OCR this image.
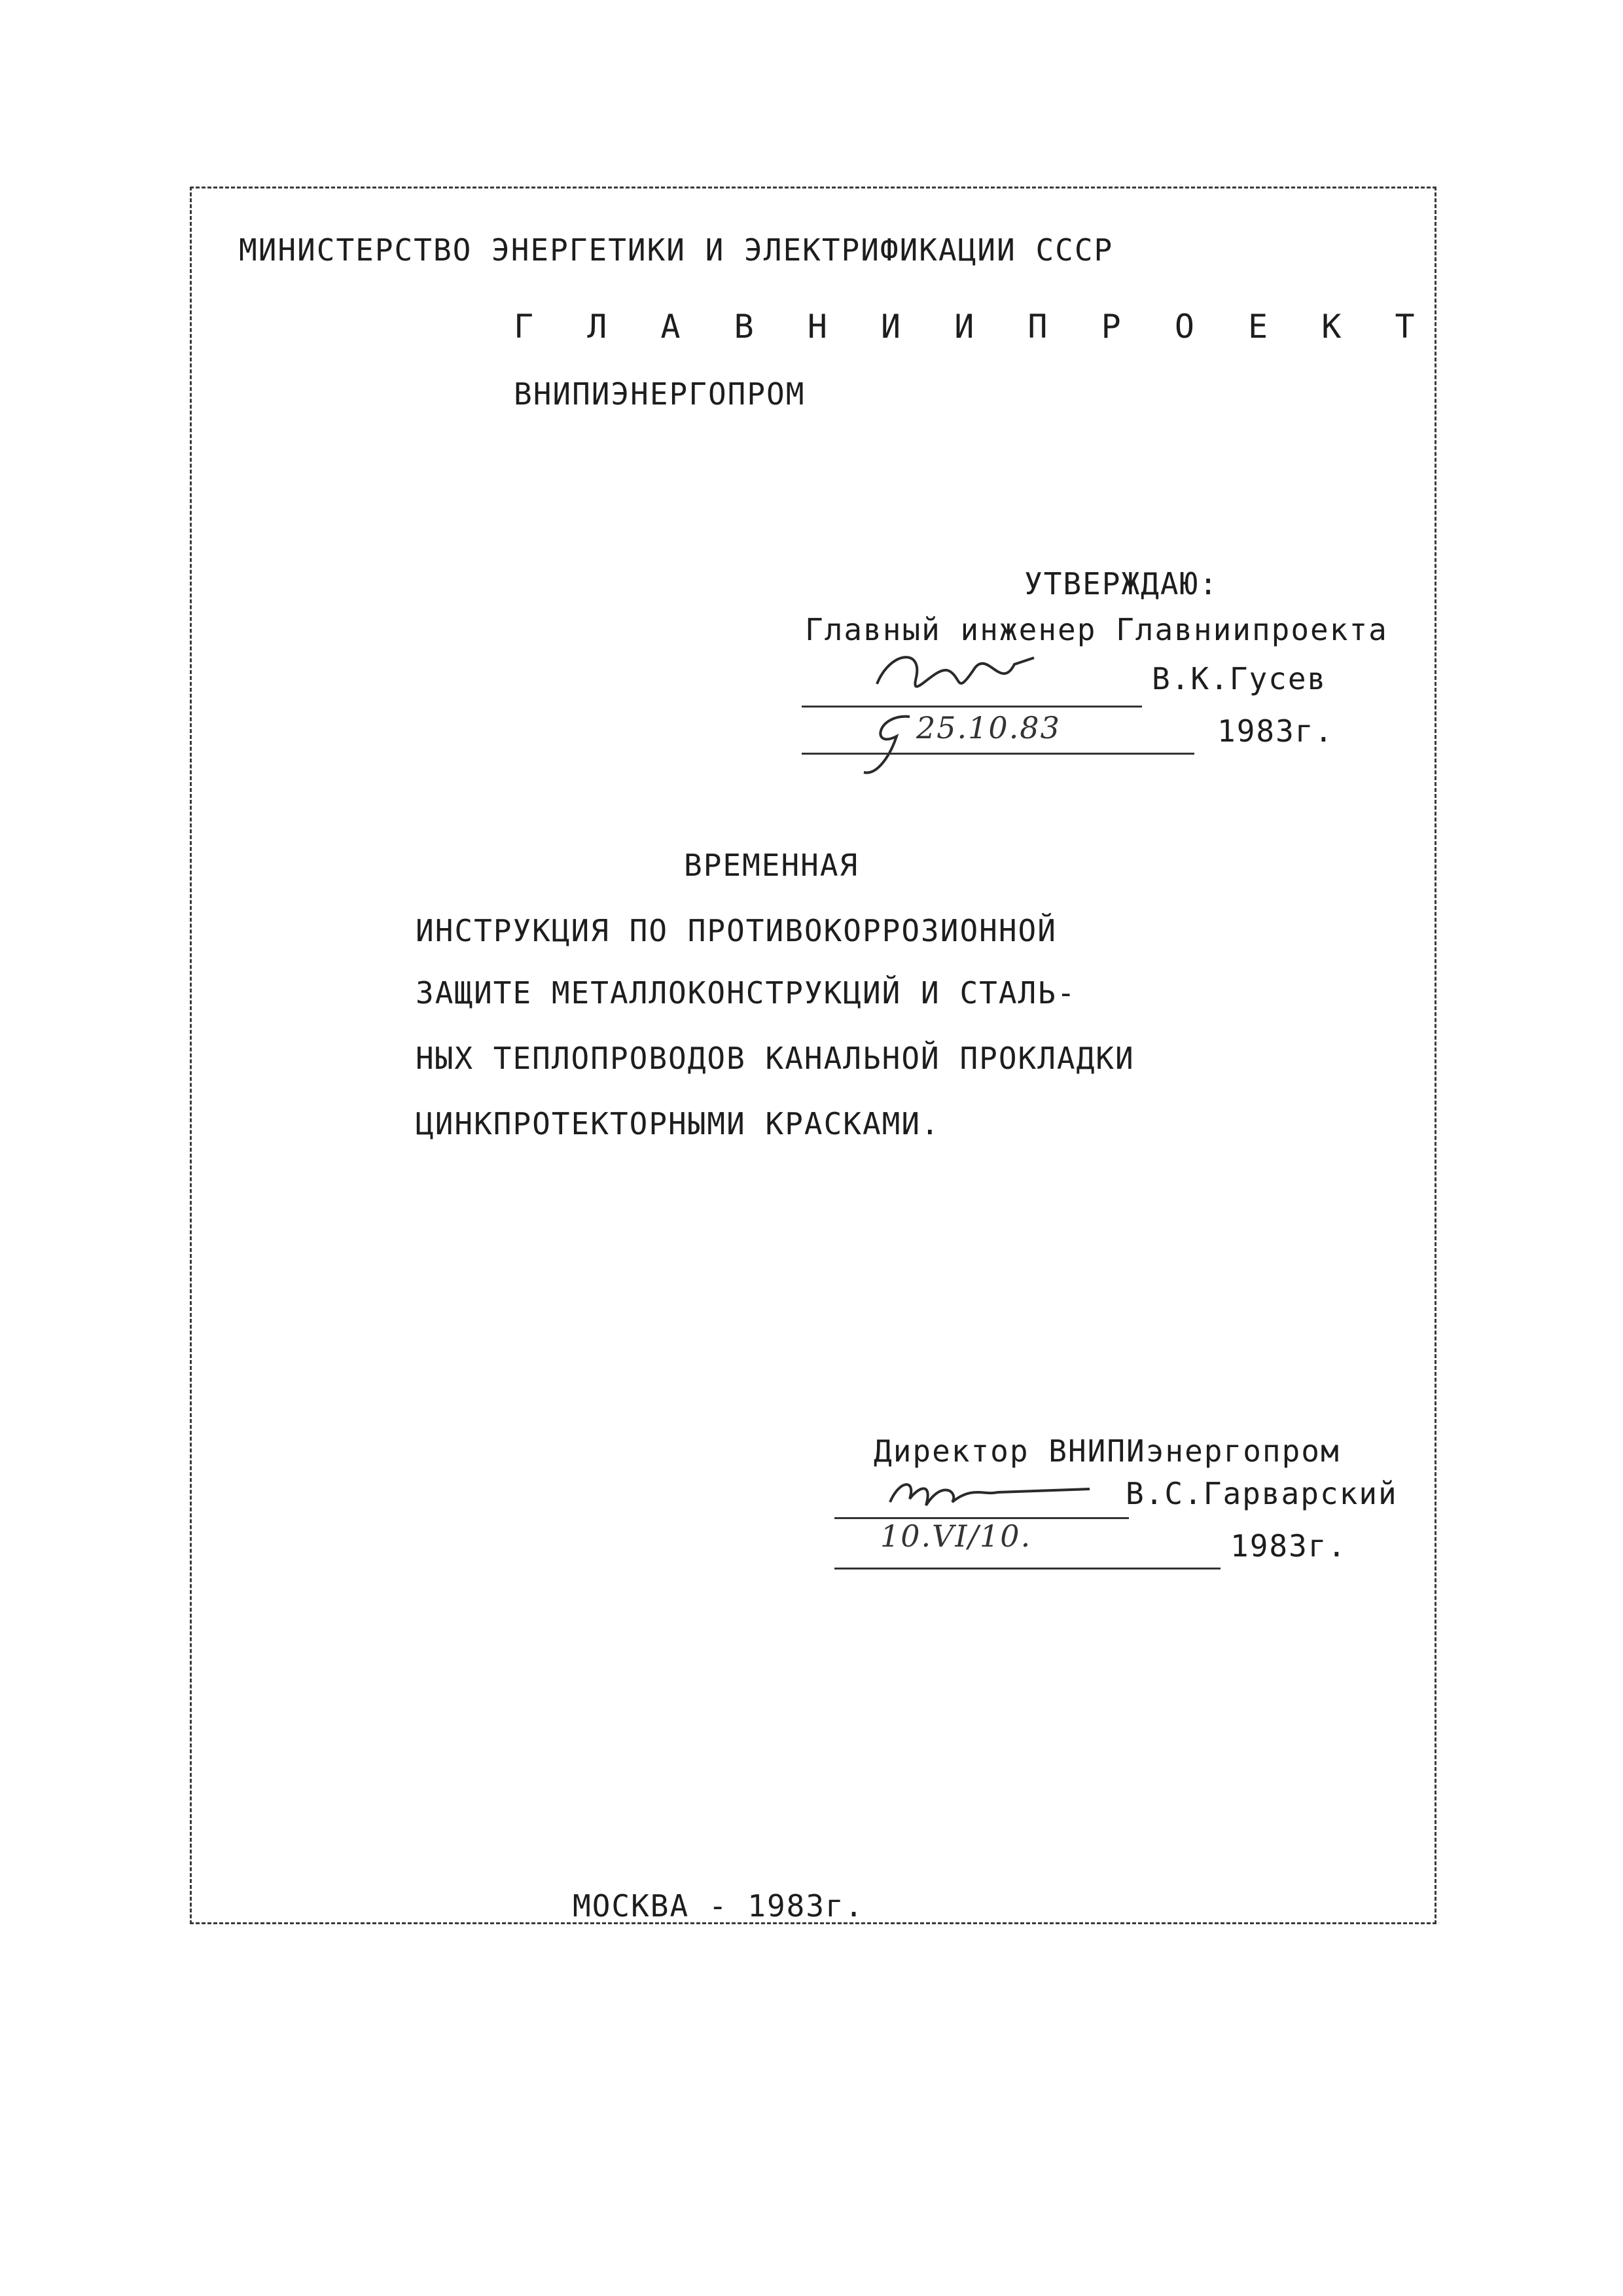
МИНИСТЕРСТВО ЭНЕРГЕТИКИ И ЭЛЕКТРИФИКАЦИИ СССР
Г Л А В Н И И П Р О Е К Т
ВНИПИЭНЕРГОПРОМ
УТВЕРЖДАЮ:
Главный инженер Главниипроекта
В.К.Гусев
25.10.83	1983г.
ВРЕМЕННАЯ
ИНСТРУКЦИЯ ПО ПРОТИВОКОРРОЗИОННОЙ
ЗАЩИТЕ МЕТАЛЛОКОНСТРУКЦИЙ И СТАЛЬ-
НЫХ ТЕПЛОПРОВОДОВ КАНАЛЬНОЙ ПРОКЛАДКИ
ЦИНКПРОТЕКТОРНЫМИ КРАСКАМИ.
Директор ВНИПИэнергопром
В.С.Гарварский
10.VI/10.	1983г.
МОСКВА - 1983г.
